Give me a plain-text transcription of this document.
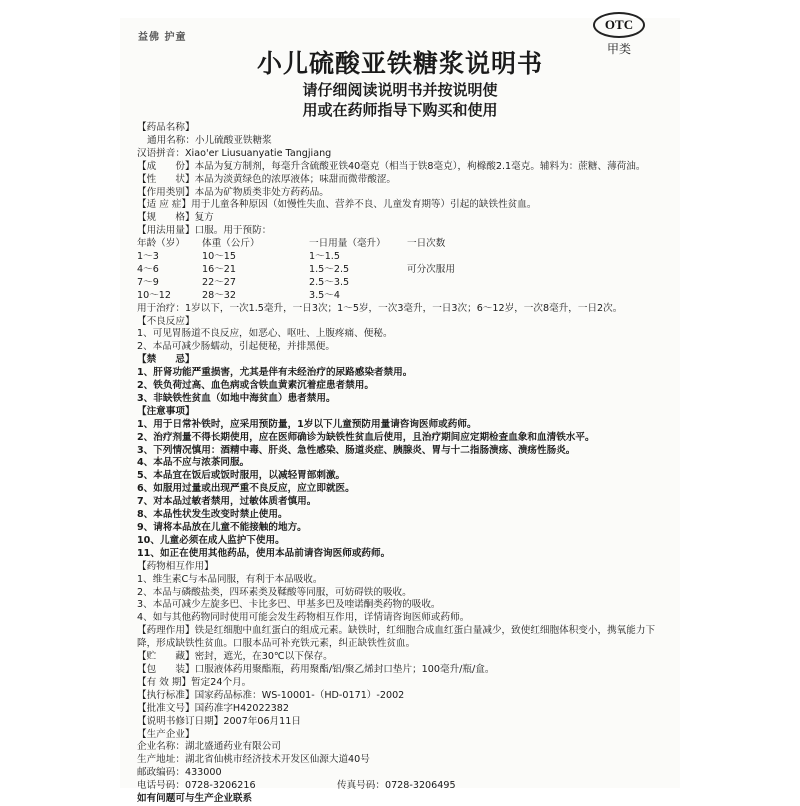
益佛 护童
OTC
甲类
小儿硫酸亚铁糖浆说明书
请仔细阅读说明书并按说明使
用或在药师指导下购买和使用
【药品名称】
通用名称：小儿硫酸亚铁糖浆
汉语拼音：Xiao'er Liusuanyatie Tangjiang
【成　　份】本品为复方制剂，每毫升含硫酸亚铁40毫克（相当于铁8毫克），枸橼酸2.1毫克。辅料为：蔗糖、薄荷油。
【性　　状】本品为淡黄绿色的浓厚液体；味甜而微带酸涩。
【作用类别】本品为矿物质类非处方药药品。
【适 应 症】用于儿童各种原因（如慢性失血、营养不良、儿童发育期等）引起的缺铁性贫血。
【规　　格】复方
【用法用量】口服。用于预防：
年龄（岁） 体重（公斤）	一日用量（毫升） 一日次数
1～3	10～15	1～1.5
4～6	16～21	1.5～2.5	可分次服用
7～9	22～27	2.5～3.5
10～12	28～32	3.5～4
用于治疗：1岁以下，一次1.5毫升，一日3次；1～5岁，一次3毫升，一日3次；6～12岁，一次8毫升，一日2次。
【不良反应】
1、可见胃肠道不良反应，如恶心、呕吐、上腹疼痛、便秘。
2、本品可减少肠蠕动，引起便秘，并排黑便。
【禁　　忌】
1、肝肾功能严重损害，尤其是伴有未经治疗的尿路感染者禁用。
2、铁负荷过高、血色病或含铁血黄素沉着症患者禁用。
3、非缺铁性贫血（如地中海贫血）患者禁用。
【注意事项】
1、用于日常补铁时，应采用预防量，1岁以下儿童预防用量请咨询医师或药师。
2、治疗剂量不得长期使用，应在医师确诊为缺铁性贫血后使用，且治疗期间应定期检查血象和血清铁水平。
3、下列情况慎用：酒精中毒、肝炎、急性感染、肠道炎症、胰腺炎、胃与十二指肠溃疡、溃疡性肠炎。
4、本品不应与浓茶同服。
5、本品宜在饭后或饭时服用，以减轻胃部刺激。
6、如服用过量或出现严重不良反应，应立即就医。
7、对本品过敏者禁用，过敏体质者慎用。
8、本品性状发生改变时禁止使用。
9、请将本品放在儿童不能接触的地方。
10、儿童必须在成人监护下使用。
11、如正在使用其他药品，使用本品前请咨询医师或药师。
【药物相互作用】
1、维生素C与本品同服，有利于本品吸收。
2、本品与磷酸盐类，四环素类及鞣酸等同服，可妨碍铁的吸收。
3、本品可减少左旋多巴、卡比多巴、甲基多巴及喹诺酮类药物的吸收。
4、如与其他药物同时使用可能会发生药物相互作用，详情请咨询医师或药师。
【药理作用】铁是红细胞中血红蛋白的组成元素。缺铁时，红细胞合成血红蛋白量减少，致使红细胞体积变小，携氧能力下降，形成缺铁性贫血。口服本品可补充铁元素，纠正缺铁性贫血。
【贮　　藏】密封，遮光，在30℃以下保存。
【包　　装】口服液体药用聚酯瓶，药用聚酯/铝/聚乙烯封口垫片；100毫升/瓶/盒。
【有 效 期】暂定24个月。
【执行标准】国家药品标准：WS-10001-（HD-0171）-2002
【批准文号】国药准字H42022382
【说明书修订日期】2007年06月11日
【生产企业】
企业名称：湖北盛通药业有限公司
生产地址：湖北省仙桃市经济技术开发区仙源大道40号
邮政编码：433000
电话号码：0728-3206216	传真号码：0728-3206495
如有问题可与生产企业联系
